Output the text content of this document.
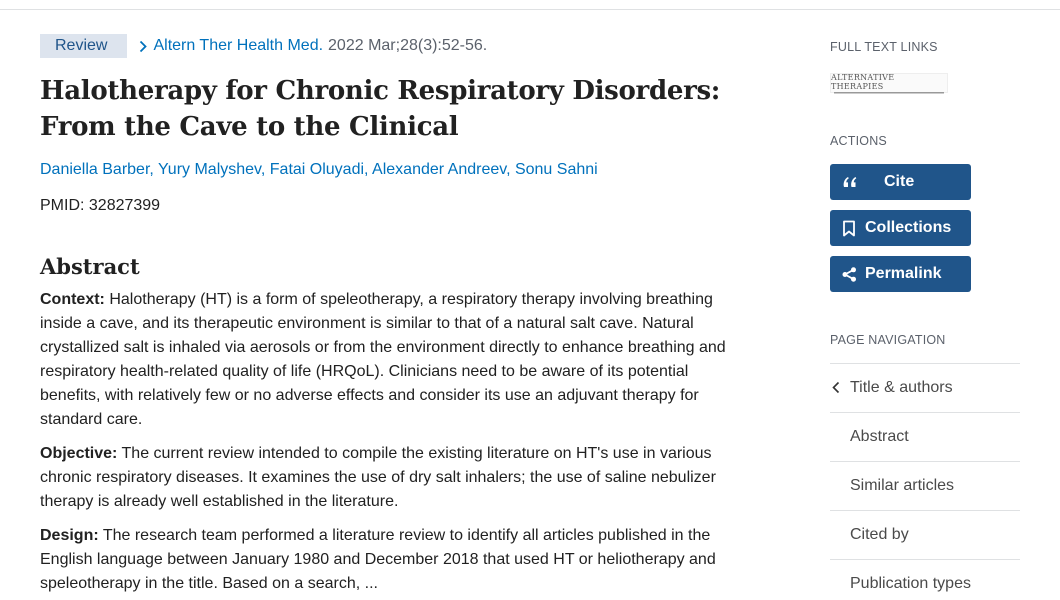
Review	Altern Ther Health Med. 2022 Mar;28(3):52-56.
Halotherapy for Chronic Respiratory Disorders: From the Cave to the Clinical
Daniella Barber, Yury Malyshev, Fatai Oluyadi, Alexander Andreev, Sonu Sahni
PMID: 32827399
Abstract

Context: Halotherapy (HT) is a form of speleotherapy, a respiratory therapy involving breathing inside a cave, and its therapeutic environment is similar to that of a natural salt cave. Natural crystallized salt is inhaled via aerosols or from the environment directly to enhance breathing and respiratory health-related quality of life (HRQoL). Clinicians need to be aware of its potential benefits, with relatively few or no adverse effects and consider its use an adjuvant therapy for standard care.

Objective: The current review intended to compile the existing literature on HT's use in various chronic respiratory diseases. It examines the use of dry salt inhalers; the use of saline nebulizer therapy is already well established in the literature.

Design: The research team performed a literature review to identify all articles published in the English language between January 1980 and December 2018 that used HT or heliotherapy and speleotherapy in the title. Based on a search, ...

FULL TEXT LINKS
ALTERNATIVE THERAPIES
ACTIONS
Cite
Collections
Permalink
PAGE NAVIGATION
Title & authors
Abstract
Similar articles
Cited by
Publication types
